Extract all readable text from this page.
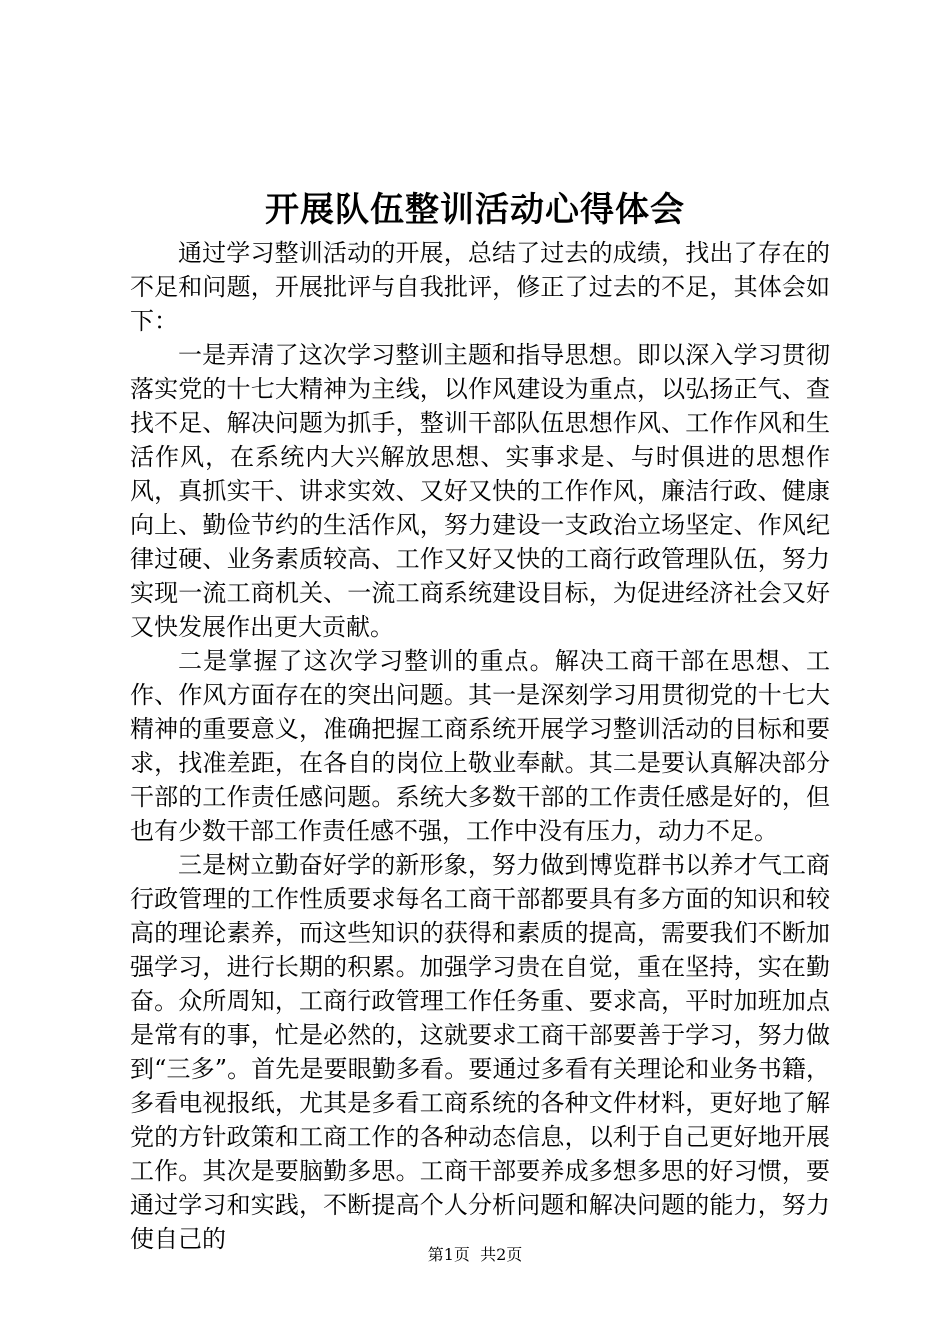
开展队伍整训活动心得体会

通过学习整训活动的开展，总结了过去的成绩，找出了存在的不足和问题，开展批评与自我批评，修正了过去的不足，其体会如下：

一是弄清了这次学习整训主题和指导思想。即以深入学习贯彻落实党的十七大精神为主线，以作风建设为重点，以弘扬正气、查找不足、解决问题为抓手，整训干部队伍思想作风、工作作风和生活作风，在系统内大兴解放思想、实事求是、与时俱进的思想作风，真抓实干、讲求实效、又好又快的工作作风，廉洁行政、健康向上、勤俭节约的生活作风，努力建设一支政治立场坚定、作风纪律过硬、业务素质较高、工作又好又快的工商行政管理队伍，努力实现一流工商机关、一流工商系统建设目标，为促进经济社会又好又快发展作出更大贡献。

二是掌握了这次学习整训的重点。解决工商干部在思想、工作、作风方面存在的突出问题。其一是深刻学习用贯彻党的十七大精神的重要意义，准确把握工商系统开展学习整训活动的目标和要求，找准差距，在各自的岗位上敬业奉献。其二是要认真解决部分干部的工作责任感问题。系统大多数干部的工作责任感是好的，但也有少数干部工作责任感不强，工作中没有压力，动力不足。

三是树立勤奋好学的新形象，努力做到博览群书以养才气工商行政管理的工作性质要求每名工商干部都要具有多方面的知识和较高的理论素养，而这些知识的获得和素质的提高，需要我们不断加强学习，进行长期的积累。加强学习贵在自觉，重在坚持，实在勤奋。众所周知，工商行政管理工作任务重、要求高，平时加班加点是常有的事，忙是必然的，这就要求工商干部要善于学习，努力做到“三多”。首先是要眼勤多看。要通过多看有关理论和业务书籍，多看电视报纸，尤其是多看工商系统的各种文件材料，更好地了解党的方针政策和工商工作的各种动态信息，以利于自己更好地开展工作。其次是要脑勤多思。工商干部要养成多想多思的好习惯，要通过学习和实践，不断提高个人分析问题和解决问题的能力，努力使自己的

第1页 共2页
